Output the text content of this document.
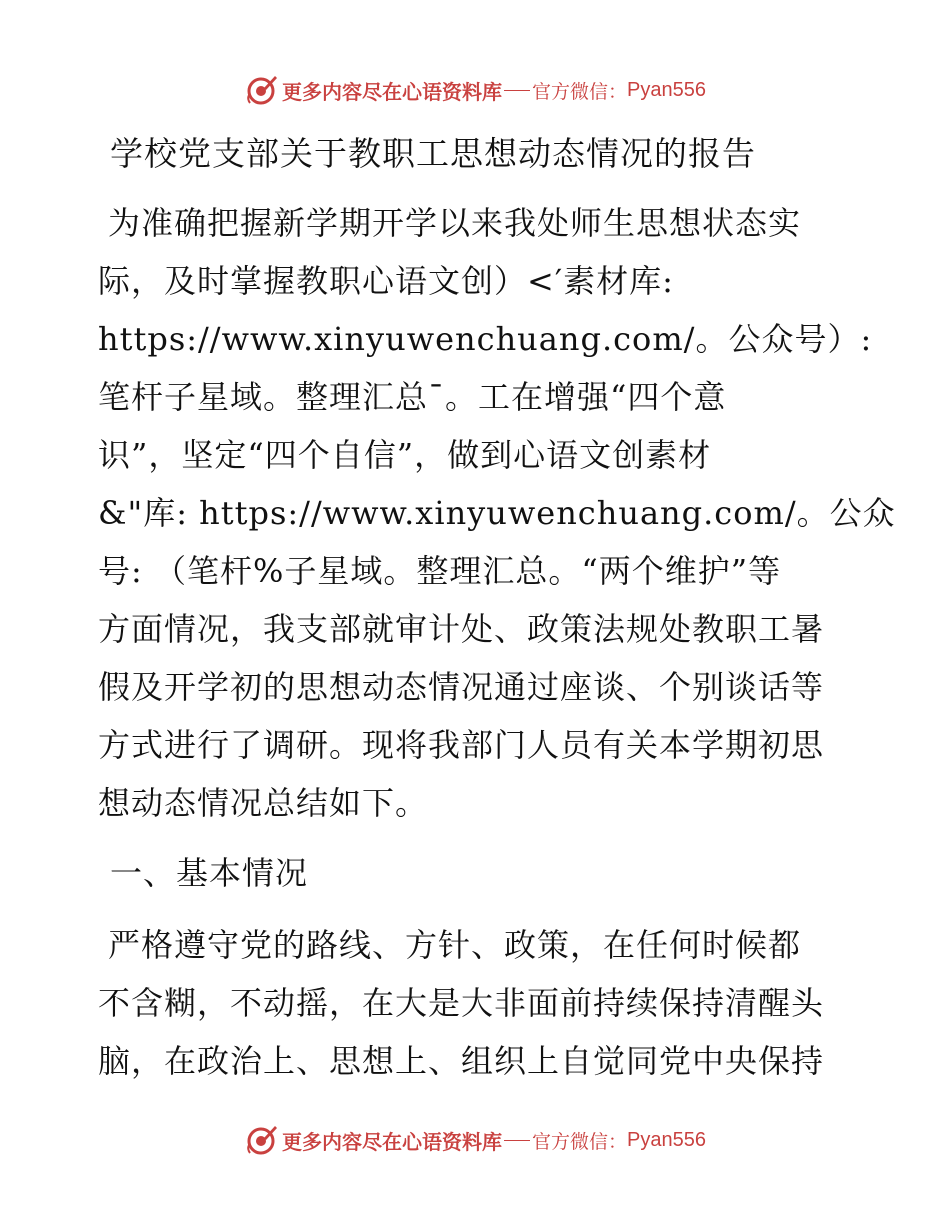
更多内容尽在心语资料库 官方微信： Pyan556
学校党支部关于教职工思想动态情况的报告
为准确把握新学期开学以来我处师生思想状态实
际，及时掌握教职心语文创）<′素材库:
https://www.xinyuwenchuang.com/。公众号）:
笔杆子星域。整理汇总¯。工在增强“四个意
识”，坚定“四个自信”，做到心语文创素材
&"库: https://www.xinyuwenchuang.com/。公众
号: （笔杆%子星域。整理汇总。“两个维护”等
方面情况，我支部就审计处、政策法规处教职工暑
假及开学初的思想动态情况通过座谈、个别谈话等
方式进行了调研。现将我部门人员有关本学期初思
想动态情况总结如下。
一、基本情况
严格遵守党的路线、方针、政策，在任何时候都
不含糊，不动摇，在大是大非面前持续保持清醒头
脑，在政治上、思想上、组织上自觉同党中央保持
更多内容尽在心语资料库 官方微信： Pyan556
